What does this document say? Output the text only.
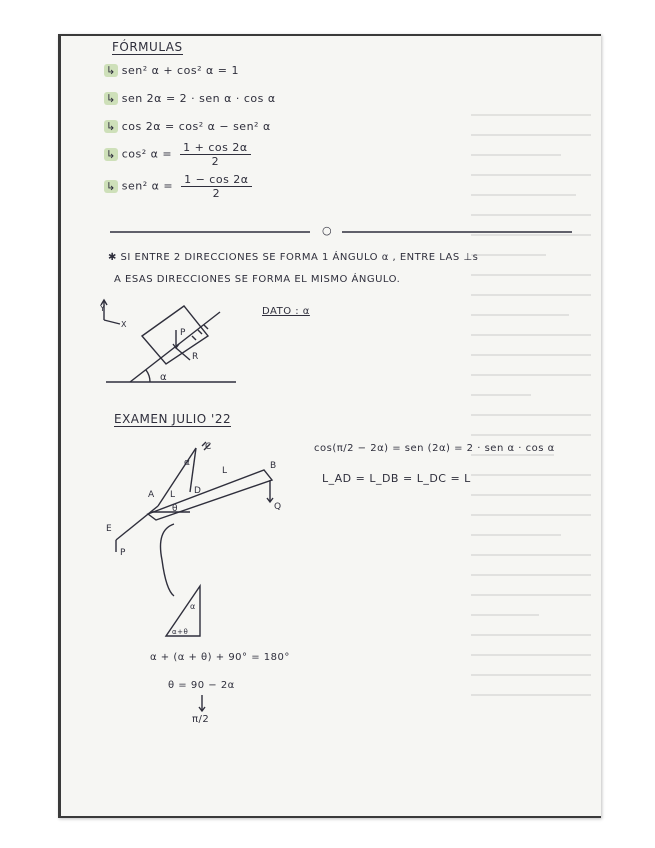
FÓRMULAS
↳ sen² α + cos² α = 1
↳ sen 2α = 2 · sen α · cos α
↳ cos 2α = cos² α − sen² α
↳ cos² $\alpha = \frac{1 + \cos 2\alpha}{2}$
↳ sen² $\alpha = \frac{1 - \cos 2\alpha}{2}$
○
✱ SI ENTRE 2 DIRECCIONES SE FORMA 1 ÁNGULO α , ENTRE LAS ⊥s
A ESAS DIRECCIONES SE FORMA EL MISMO ÁNGULO.
Y
X
P
R
α
DATO : α
EXAMEN JULIO '22
cos(π/2 − 2α) = sen (2α) = 2 · sen α · cos α
L_AD = L_DB = L_DC = L
C
B
A	D
E
L
L
α
θ
P
Q
α
α+θ
α + (α + θ) + 90° = 180°
θ = 90 − 2α
π/2
